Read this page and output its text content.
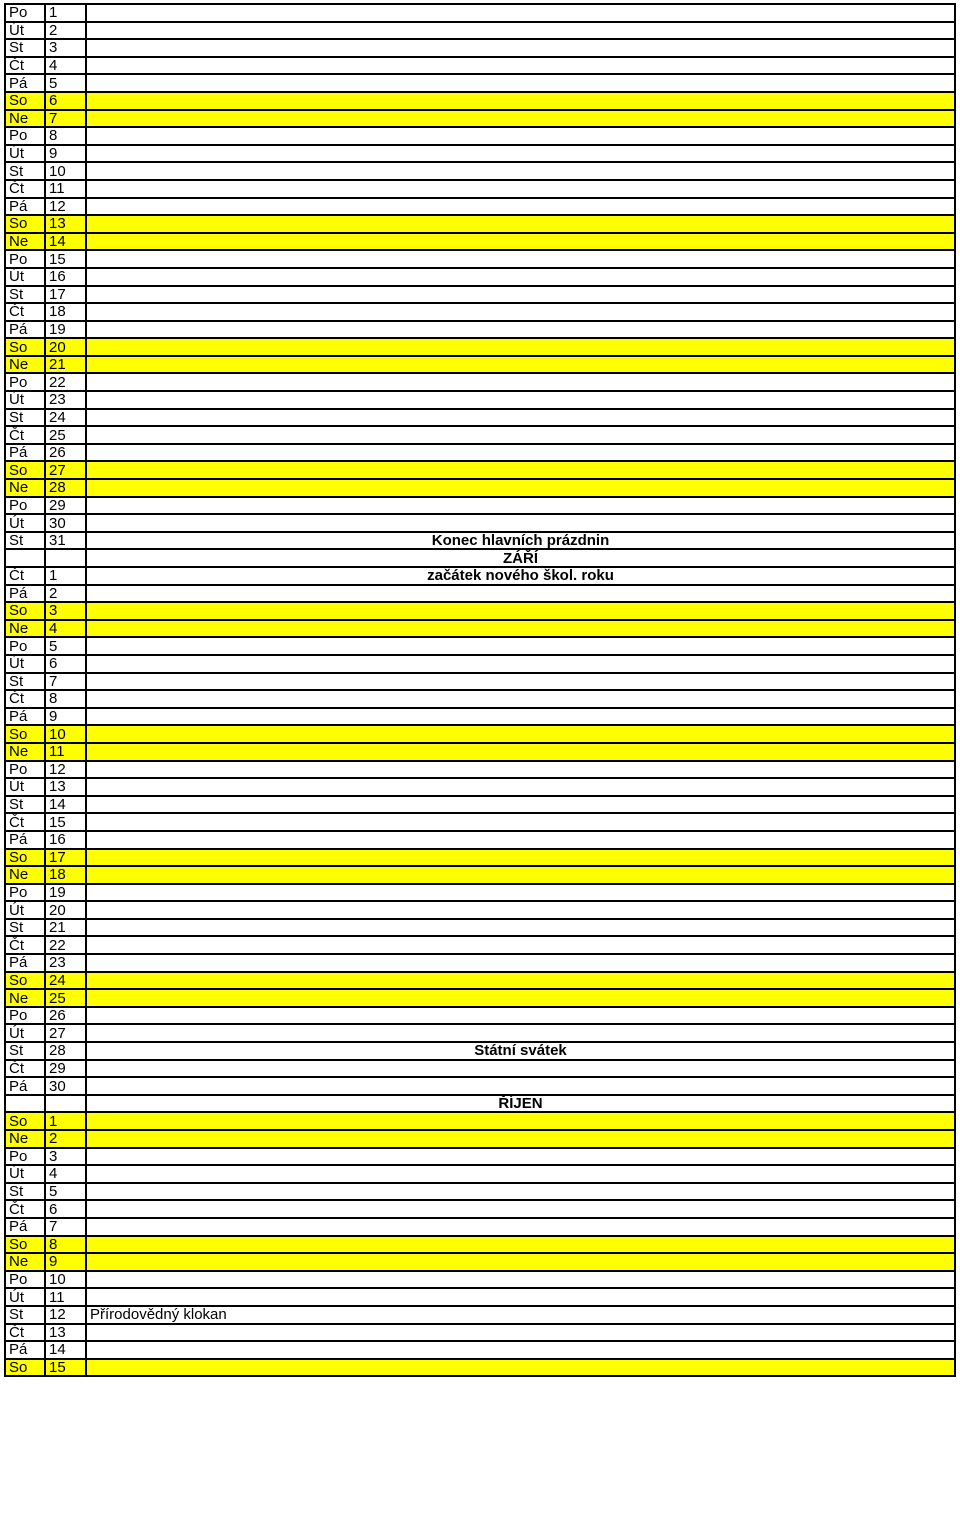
Po	1	
Út	2	
St	3	
Čt	4	
Pá	5	
So	6	
Ne	7	
Po	8	
Út	9	
St	10	
Čt	11	
Pá	12	
So	13	
Ne	14	
Po	15	
Út	16	
St	17	
Čt	18	
Pá	19	
So	20	
Ne	21	
Po	22	
Út	23	
St	24	
Čt	25	
Pá	26	
So	27	
Ne	28	
Po	29	
Út	30	
St	31	Konec hlavních prázdnin
		ZÁŘÍ
Čt	1	začátek nového škol. roku
Pá	2	
So	3	
Ne	4	
Po	5	
Út	6	
St	7	
Čt	8	
Pá	9	
So	10	
Ne	11	
Po	12	
Út	13	
St	14	
Čt	15	
Pá	16	
So	17	
Ne	18	
Po	19	
Út	20	
St	21	
Čt	22	
Pá	23	
So	24	
Ne	25	
Po	26	
Út	27	
St	28	Státní svátek
Čt	29	
Pá	30	
		ŘÍJEN
So	1	
Ne	2	
Po	3	
Út	4	
St	5	
Čt	6	
Pá	7	
So	8	
Ne	9	
Po	10	
Út	11	
St	12	Přírodovědný klokan
Čt	13	
Pá	14	
So	15	
